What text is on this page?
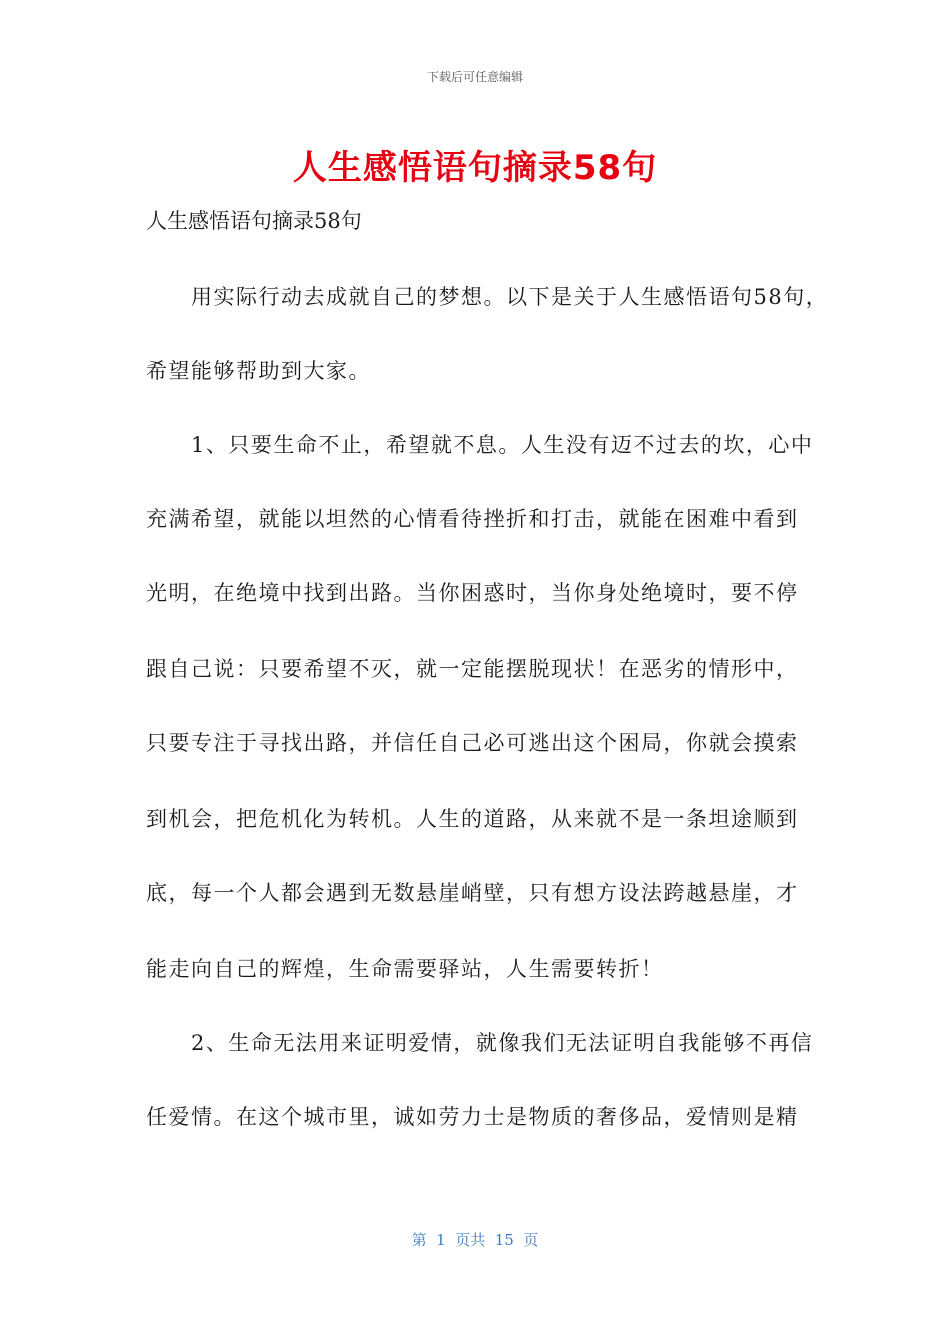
下载后可任意编辑
人生感悟语句摘录58句
人生感悟语句摘录58句
　　用实际行动去成就自己的梦想。以下是关于人生感悟语句58句，
希望能够帮助到大家。
　　1、只要生命不止，希望就不息。人生没有迈不过去的坎，心中
充满希望，就能以坦然的心情看待挫折和打击，就能在困难中看到
光明，在绝境中找到出路。当你困惑时，当你身处绝境时，要不停
跟自己说：只要希望不灭，就一定能摆脱现状！在恶劣的情形中，
只要专注于寻找出路，并信任自己必可逃出这个困局，你就会摸索
到机会，把危机化为转机。人生的道路，从来就不是一条坦途顺到
底，每一个人都会遇到无数悬崖峭壁，只有想方设法跨越悬崖，才
能走向自己的辉煌，生命需要驿站，人生需要转折！
　　2、生命无法用来证明爱情，就像我们无法证明自我能够不再信
任爱情。在这个城市里，诚如劳力士是物质的奢侈品，爱情则是精
第  1  页共  15  页
